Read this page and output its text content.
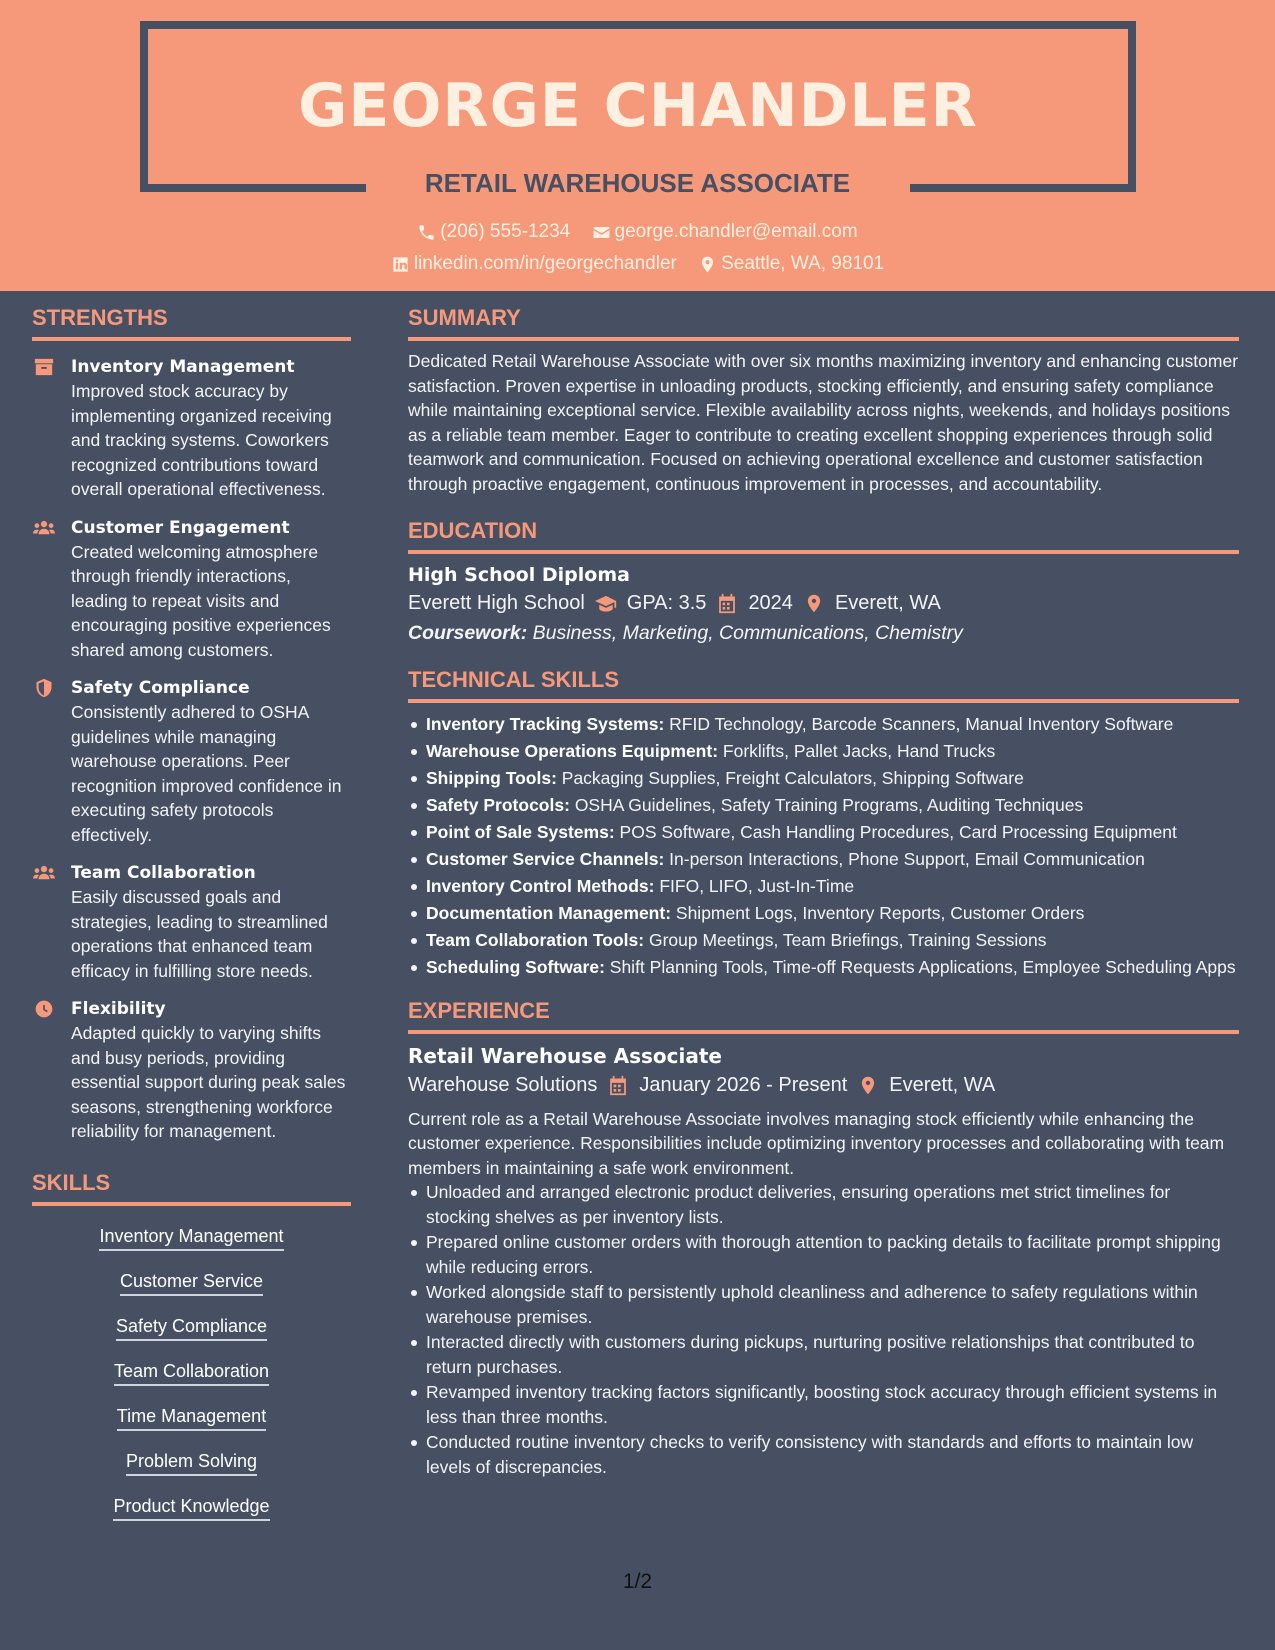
GEORGE CHANDLER
RETAIL WAREHOUSE ASSOCIATE
(206) 555-1234
george.chandler@email.com
linkedin.com/in/georgechandler
Seattle, WA, 98101
STRENGTHS
Inventory Management
Improved stock accuracy by implementing organized receiving and tracking systems. Coworkers recognized contributions toward overall operational effectiveness.
Customer Engagement
Created welcoming atmosphere through friendly interactions, leading to repeat visits and encouraging positive experiences shared among customers.
Safety Compliance
Consistently adhered to OSHA guidelines while managing warehouse operations. Peer recognition improved confidence in executing safety protocols effectively.
Team Collaboration
Easily discussed goals and strategies, leading to streamlined operations that enhanced team efficacy in fulfilling store needs.
Flexibility
Adapted quickly to varying shifts and busy periods, providing essential support during peak sales seasons, strengthening workforce reliability for management.
SKILLS
Inventory Management
Customer Service
Safety Compliance
Team Collaboration
Time Management
Problem Solving
Product Knowledge
SUMMARY
Dedicated Retail Warehouse Associate with over six months maximizing inventory and enhancing customer satisfaction. Proven expertise in unloading products, stocking efficiently, and ensuring safety compliance while maintaining exceptional service. Flexible availability across nights, weekends, and holidays positions as a reliable team member. Eager to contribute to creating excellent shopping experiences through solid teamwork and communication. Focused on achieving operational excellence and customer satisfaction through proactive engagement, continuous improvement in processes, and accountability.
EDUCATION
High School Diploma
Everett High School GPA: 3.5 2024 Everett, WA
Coursework: Business, Marketing, Communications, Chemistry
TECHNICAL SKILLS
Inventory Tracking Systems: RFID Technology, Barcode Scanners, Manual Inventory Software
Warehouse Operations Equipment: Forklifts, Pallet Jacks, Hand Trucks
Shipping Tools: Packaging Supplies, Freight Calculators, Shipping Software
Safety Protocols: OSHA Guidelines, Safety Training Programs, Auditing Techniques
Point of Sale Systems: POS Software, Cash Handling Procedures, Card Processing Equipment
Customer Service Channels: In-person Interactions, Phone Support, Email Communication
Inventory Control Methods: FIFO, LIFO, Just-In-Time
Documentation Management: Shipment Logs, Inventory Reports, Customer Orders
Team Collaboration Tools: Group Meetings, Team Briefings, Training Sessions
Scheduling Software: Shift Planning Tools, Time-off Requests Applications, Employee Scheduling Apps
EXPERIENCE
Retail Warehouse Associate
Warehouse Solutions January 2026 - Present Everett, WA
Current role as a Retail Warehouse Associate involves managing stock efficiently while enhancing the customer experience. Responsibilities include optimizing inventory processes and collaborating with team members in maintaining a safe work environment.
Unloaded and arranged electronic product deliveries, ensuring operations met strict timelines for stocking shelves as per inventory lists.
Prepared online customer orders with thorough attention to packing details to facilitate prompt shipping while reducing errors.
Worked alongside staff to persistently uphold cleanliness and adherence to safety regulations within warehouse premises.
Interacted directly with customers during pickups, nurturing positive relationships that contributed to return purchases.
Revamped inventory tracking factors significantly, boosting stock accuracy through efficient systems in less than three months.
Conducted routine inventory checks to verify consistency with standards and efforts to maintain low levels of discrepancies.
1/2
